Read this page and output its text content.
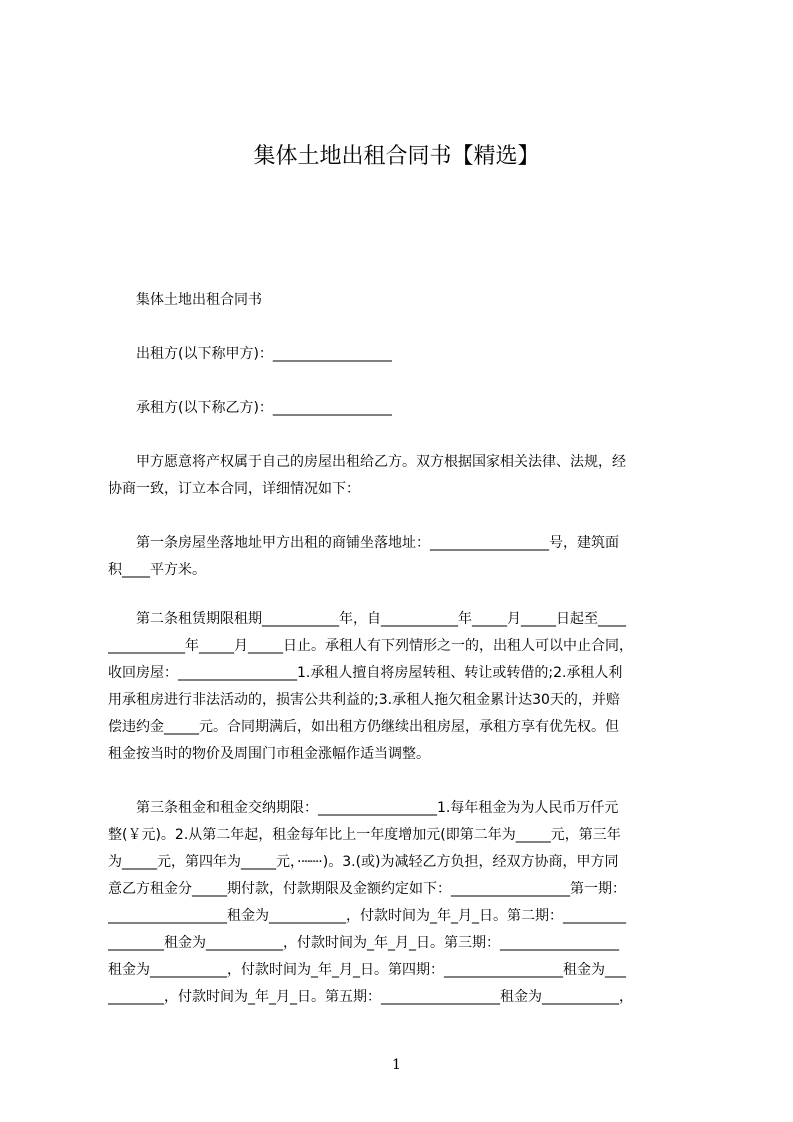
集体土地出租合同书【精选】
集体土地出租合同书
出租方(以下称甲方)：_________________
承租方(以下称乙方)：_________________
甲方愿意将产权属于自己的房屋出租给乙方。双方根据国家相关法律、法规，经
协商一致，订立本合同，详细情况如下：
第一条房屋坐落地址甲方出租的商铺坐落地址：_________________号，建筑面
积____平方米。
第二条租赁期限租期___________年，自___________年_____月_____日起至____
___________年_____月_____日止。承租人有下列情形之一的，出租人可以中止合同，
收回房屋：_________________1.承租人擅自将房屋转租、转让或转借的;2.承租人利
用承租房进行非法活动的，损害公共利益的;3.承租人拖欠租金累计达30天的，并赔
偿违约金_____元。合同期满后，如出租方仍继续出租房屋，承租方享有优先权。但
租金按当时的物价及周围门市租金涨幅作适当调整。
第三条租金和租金交纳期限：_________________1.每年租金为为人民币万仟元
整(￥元)。2.从第二年起，租金每年比上一年度增加元(即第二年为_____元，第三年
为_____元，第四年为_____元，·┄┄·)。3.(或)为减轻乙方负担，经双方协商，甲方同
意乙方租金分_____期付款，付款期限及金额约定如下：_________________第一期：
_________________租金为___________，付款时间为_年_月_日。第二期：_________
________租金为___________，付款时间为_年_月_日。第三期：_________________
租金为___________，付款时间为_年_月_日。第四期：_________________租金为___
________，付款时间为_年_月_日。第五期：_________________租金为___________，
1
